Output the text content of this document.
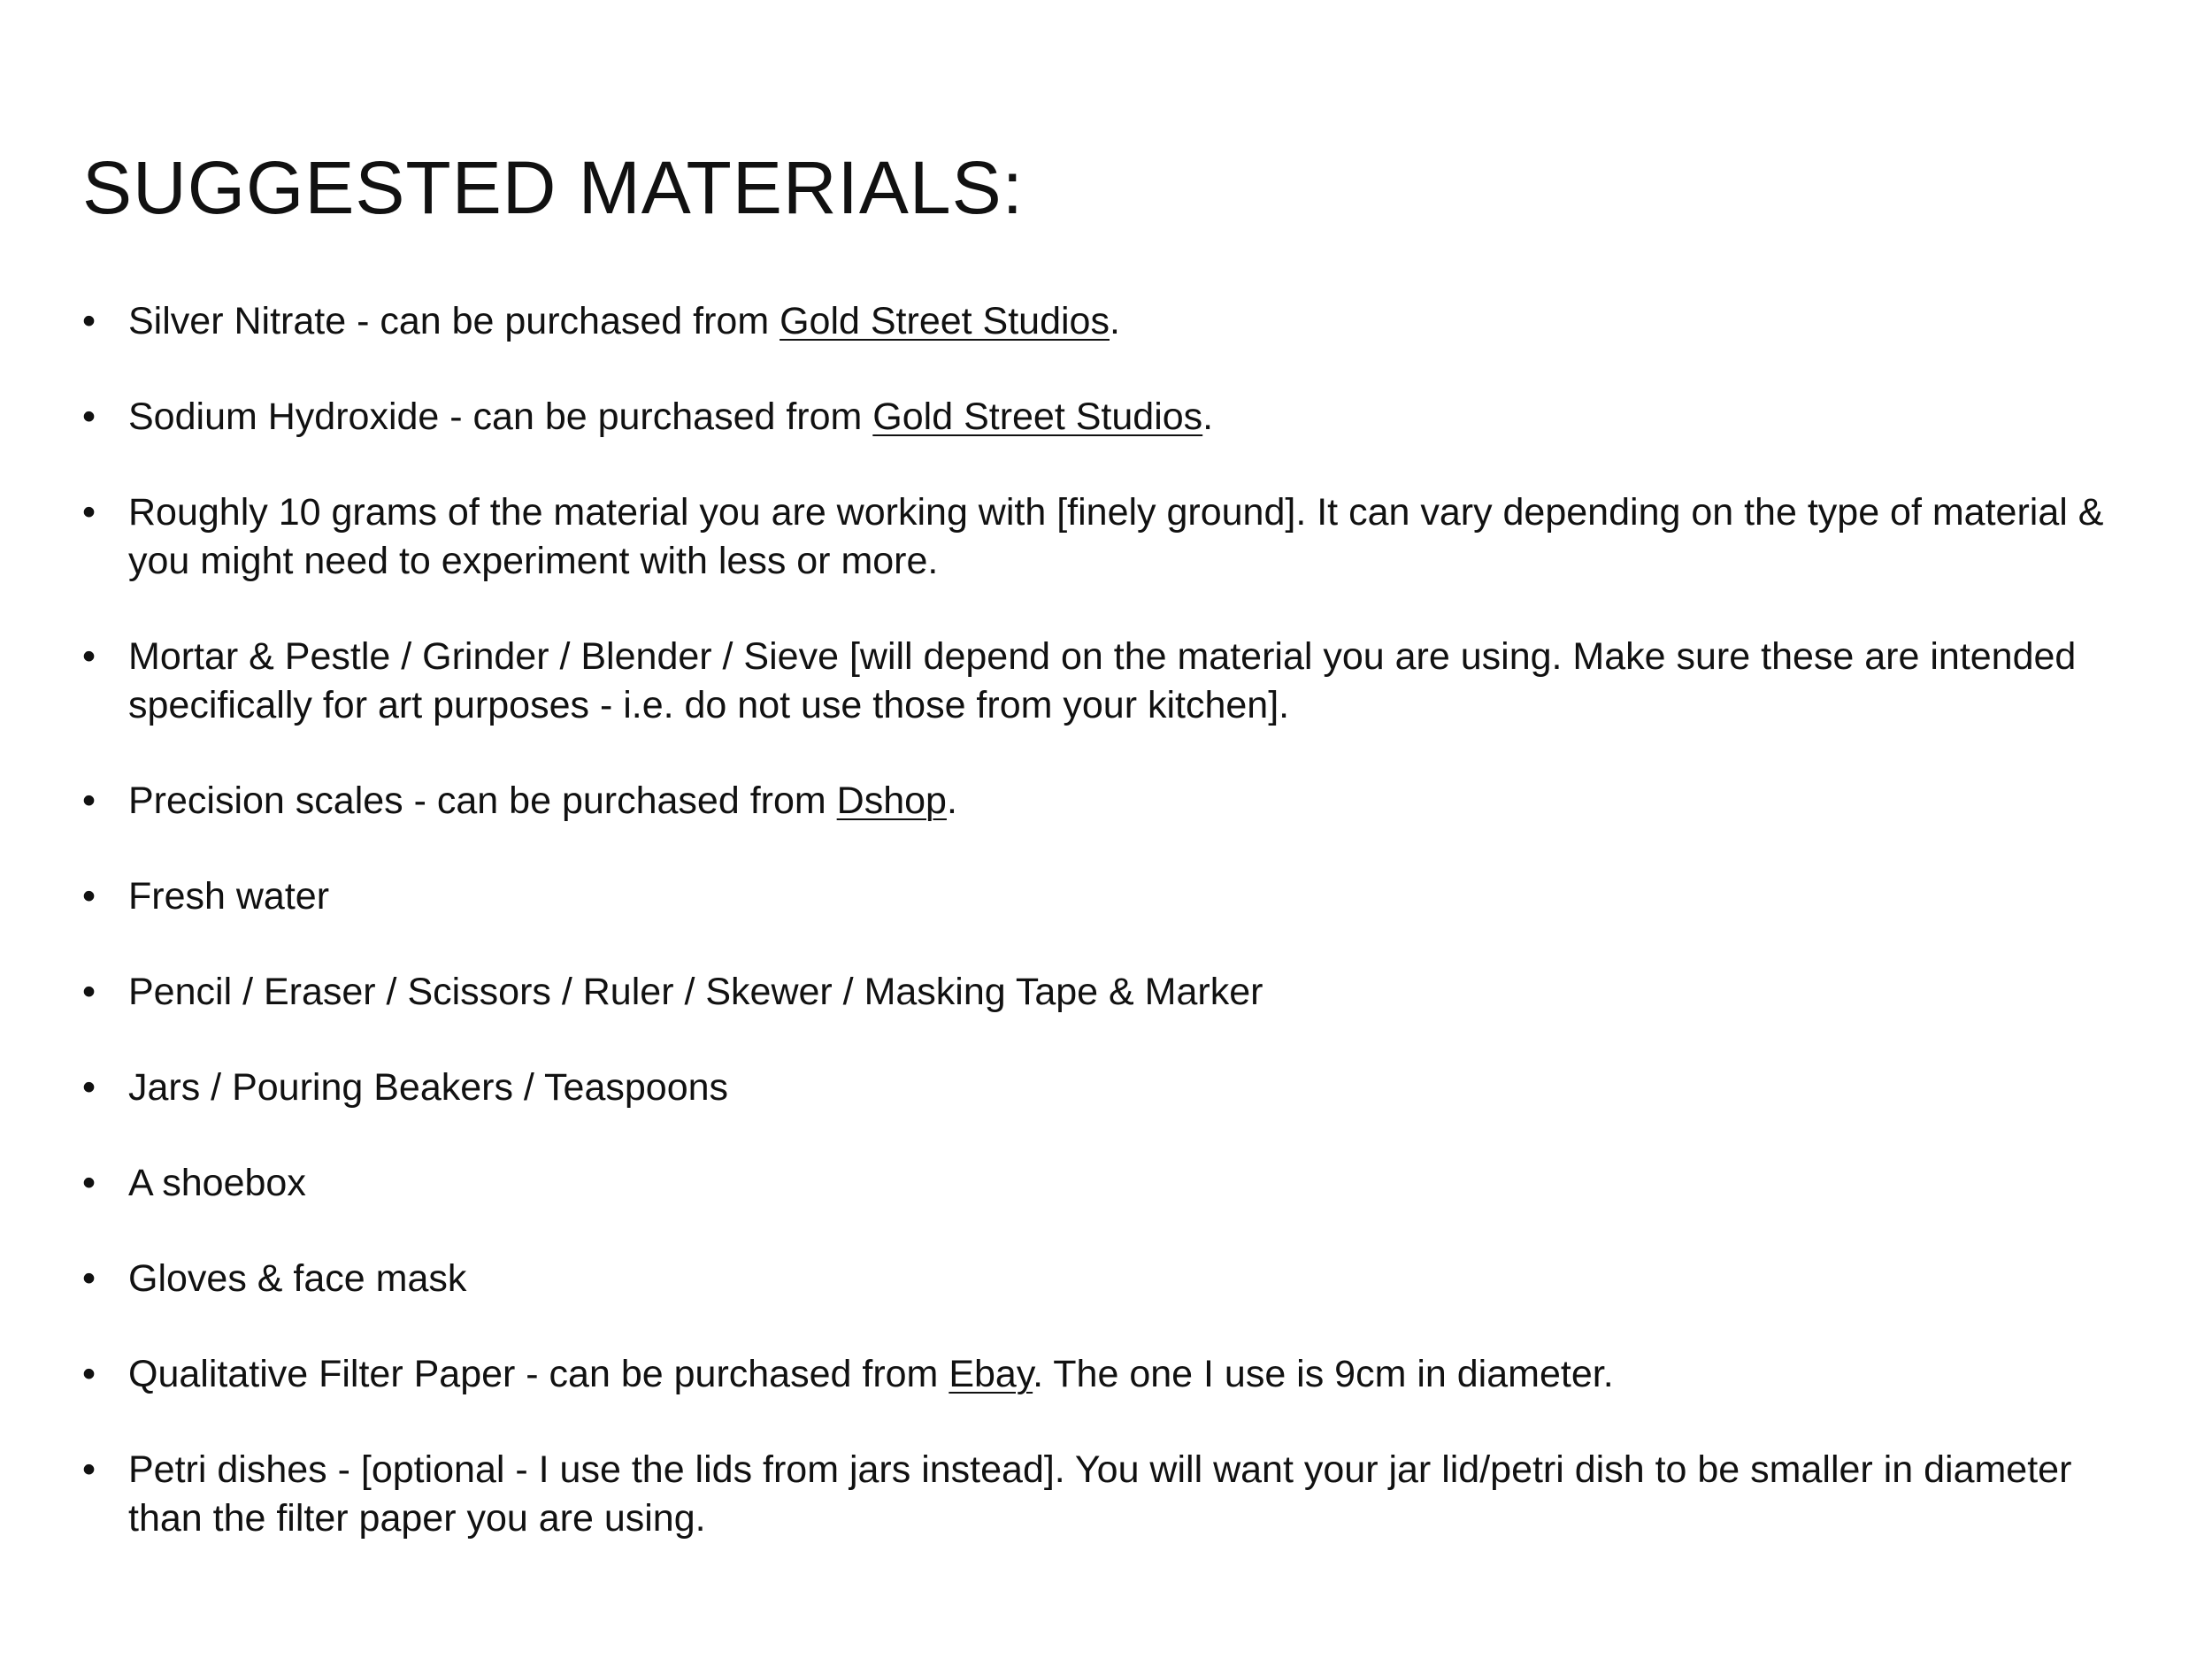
SUGGESTED MATERIALS:
• Silver Nitrate - can be purchased from Gold Street Studios.
• Sodium Hydroxide - can be purchased from Gold Street Studios.
• Roughly 10 grams of the material you are working with [finely ground]. It can vary depending on the type of material & you might need to experiment with less or more.
• Mortar & Pestle / Grinder / Blender / Sieve [will depend on the material you are using. Make sure these are intended specifically for art purposes - i.e. do not use those from your kitchen].
• Precision scales - can be purchased from Dshop.
• Fresh water
• Pencil / Eraser / Scissors / Ruler / Skewer / Masking Tape & Marker
• Jars / Pouring Beakers / Teaspoons
• A shoebox
• Gloves & face mask
• Qualitative Filter Paper - can be purchased from Ebay. The one I use is 9cm in diameter.
• Petri dishes - [optional - I use the lids from jars instead]. You will want your jar lid/petri dish to be smaller in diameter than the filter paper you are using.
